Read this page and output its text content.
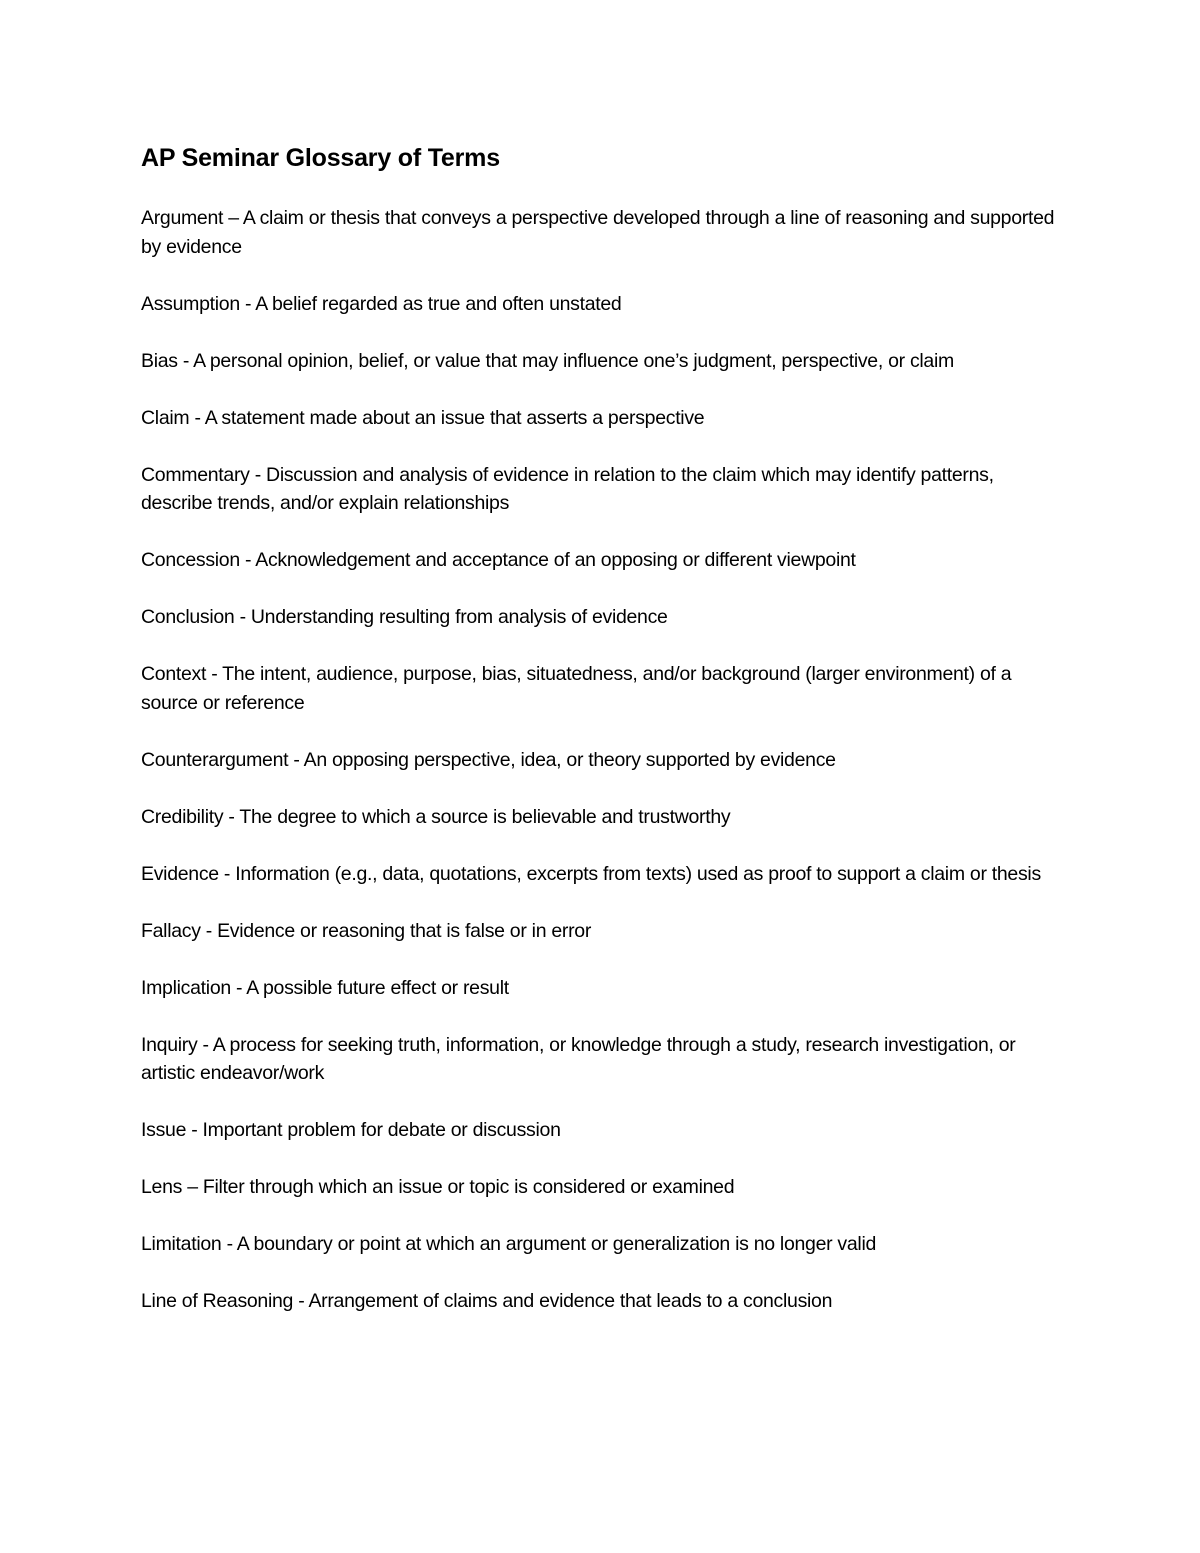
AP Seminar Glossary of Terms
Argument – A claim or thesis that conveys a perspective developed through a line of reasoning and supported by evidence
Assumption - A belief regarded as true and often unstated
Bias - A personal opinion, belief, or value that may influence one’s judgment, perspective, or claim
Claim - A statement made about an issue that asserts a perspective
Commentary - Discussion and analysis of evidence in relation to the claim which may identify patterns, describe trends, and/or explain relationships
Concession - Acknowledgement and acceptance of an opposing or different viewpoint
Conclusion - Understanding resulting from analysis of evidence
Context - The intent, audience, purpose, bias, situatedness, and/or background (larger environment) of a source or reference
Counterargument - An opposing perspective, idea, or theory supported by evidence
Credibility - The degree to which a source is believable and trustworthy
Evidence - Information (e.g., data, quotations, excerpts from texts) used as proof to support a claim or thesis
Fallacy - Evidence or reasoning that is false or in error
Implication - A possible future effect or result
Inquiry - A process for seeking truth, information, or knowledge through a study, research investigation, or artistic endeavor/work
Issue - Important problem for debate or discussion
Lens – Filter through which an issue or topic is considered or examined
Limitation - A boundary or point at which an argument or generalization is no longer valid
Line of Reasoning - Arrangement of claims and evidence that leads to a conclusion
